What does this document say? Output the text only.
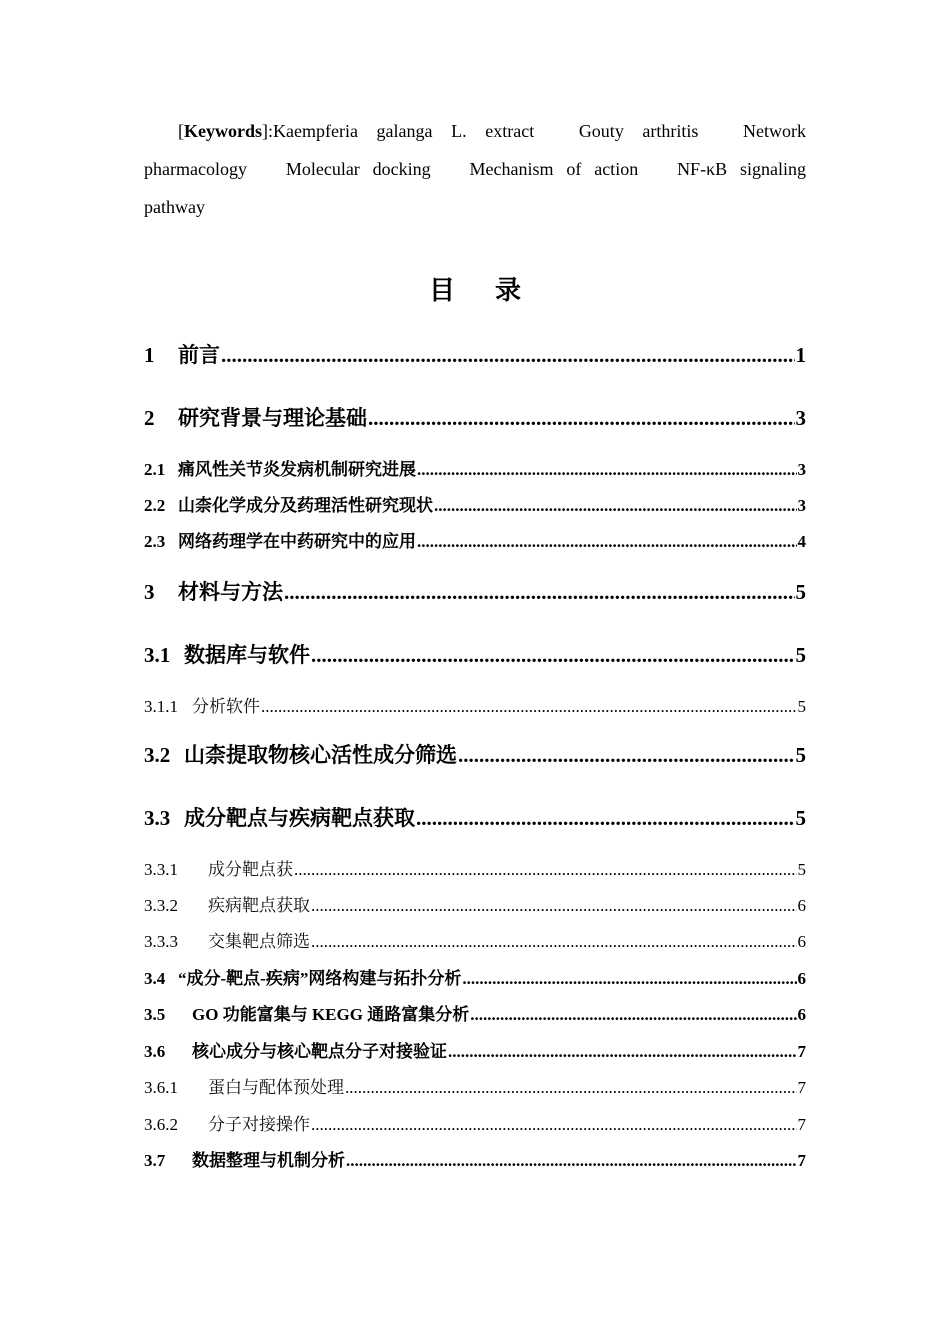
[Keywords]:Kaempferia galanga L. extract Gouty arthritis Network pharmacology Molecular docking Mechanism of action NF-κB signaling pathway
目录
1	前言 .....	1
2	研究背景与理论基础 .....	3
2.1 痛风性关节炎发病机制研究进展 .....	3
2.2 山柰化学成分及药理活性研究现状 .....	3
2.3 网络药理学在中药研究中的应用 .....	4
3	材料与方法 .....	5
3.1 数据库与软件 .....	5
3.1.1 分析软件 .....	5
3.2 山柰提取物核心活性成分筛选 .....	5
3.3 成分靶点与疾病靶点获取 .....	5
3.3.1	成分靶点获 .....	5
3.3.2	疾病靶点获取 .....	6
3.3.3	交集靶点筛选 .....	6
3.4 “成分-靶点-疾病”网络构建与拓扑分析 .....	6
3.5	GO 功能富集与 KEGG 通路富集分析 .....	6
3.6	核心成分与核心靶点分子对接验证 .....	7
3.6.1	蛋白与配体预处理 .....	7
3.6.2	分子对接操作 .....	7
3.7	数据整理与机制分析 .....	7
